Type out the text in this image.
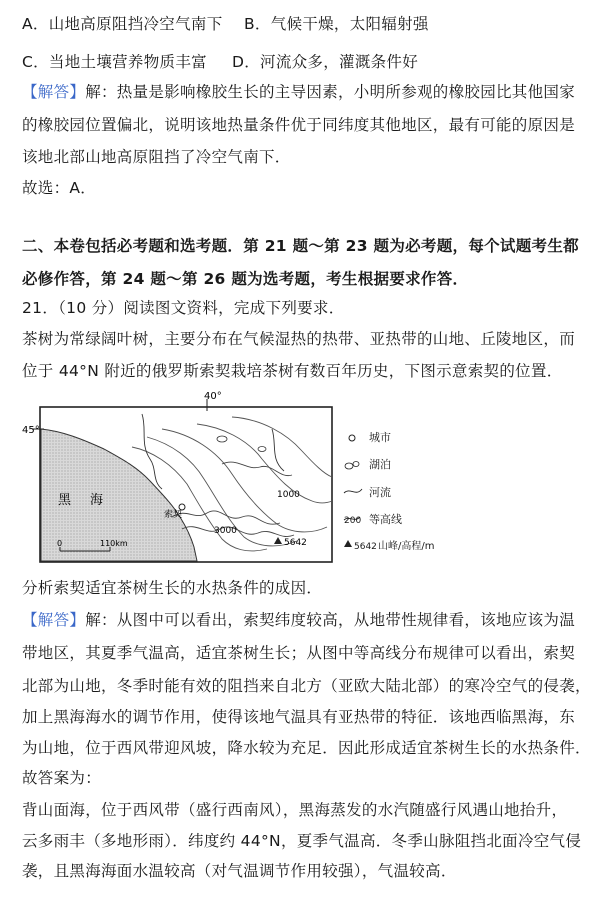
A．山地高原阻挡冷空气南下 B．气候干燥，太阳辐射强
C．当地土壤营养物质丰富 D．河流众多，灌溉条件好
【解答】解：热量是影响橡胶生长的主导因素，小明所参观的橡胶园比其他国家
的橡胶园位置偏北，说明该地热量条件优于同纬度其他地区，最有可能的原因是
该地北部山地高原阻挡了冷空气南下．
故选：A．
二、本卷包括必考题和选考题．第 21 题～第 23 题为必考题，每个试题考生都
必修作答，第 24 题～第 26 题为选考题，考生根据要求作答．
21．（10 分）阅读图文资料，完成下列要求．
茶树为常绿阔叶树，主要分布在气候湿热的热带、亚热带的山地、丘陵地区，而
位于 44°N 附近的俄罗斯索契栽培茶树有数百年历史，下图示意索契的位置．
40°
45°
黑 海
索契
1000
3000
5642
0	110km
城市
湖泊
河流
200 等高线
5642 山峰/高程/m
分析索契适宜茶树生长的水热条件的成因．
【解答】解：从图中可以看出，索契纬度较高，从地带性规律看，该地应该为温
带地区，其夏季气温高，适宜茶树生长；从图中等高线分布规律可以看出，索契
北部为山地，冬季时能有效的阻挡来自北方（亚欧大陆北部）的寒冷空气的侵袭，
加上黑海海水的调节作用，使得该地气温具有亚热带的特征．该地西临黑海，东
为山地，位于西风带迎风坡，降水较为充足．因此形成适宜茶树生长的水热条件．
故答案为：
背山面海，位于西风带（盛行西南风），黑海蒸发的水汽随盛行风遇山地抬升，
云多雨丰（多地形雨）．纬度约 44°N，夏季气温高．冬季山脉阻挡北面冷空气侵
袭，且黑海海面水温较高（对气温调节作用较强），气温较高．
